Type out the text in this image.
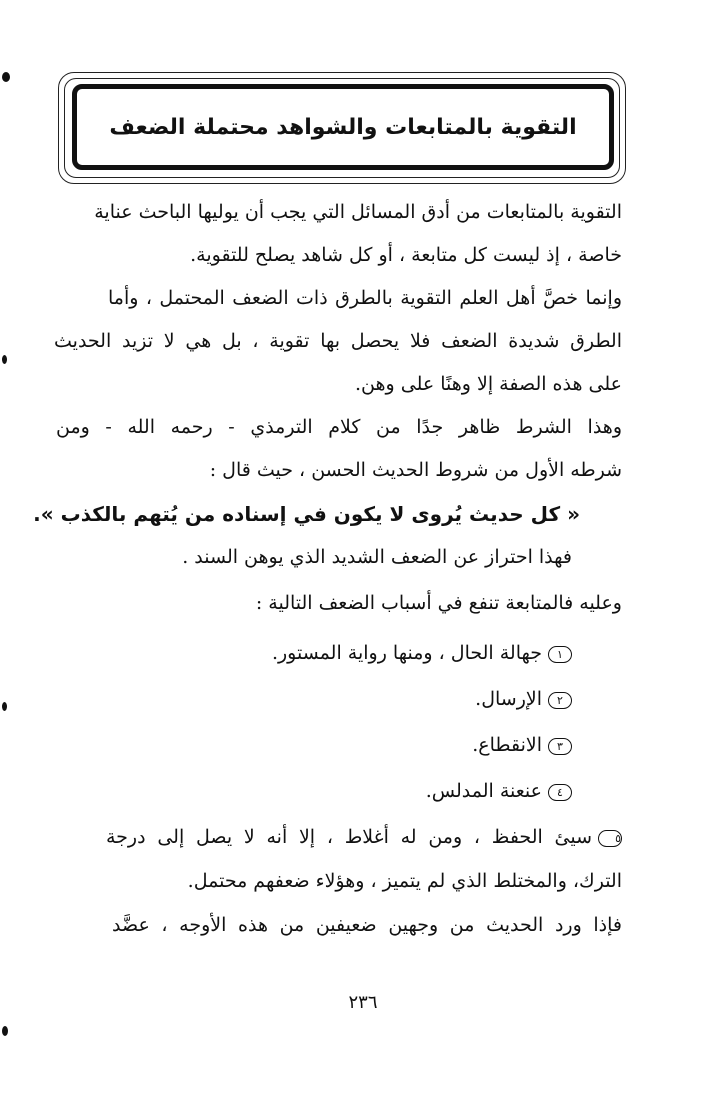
التقوية بالمتابعات والشواهد محتملة الضعف
التقوية بالمتابعات من أدق المسائل التي يجب أن يوليها الباحث عناية
خاصة ، إذ ليست كل متابعة ، أو كل شاهد يصلح للتقوية.
وإنما خصَّ أهل العلم التقوية بالطرق ذات الضعف المحتمل ، وأما
الطرق شديدة الضعف فلا يحصل بها تقوية ، بل هي لا تزيد الحديث
على هذه الصفة إلا وهنًا على وهن.
وهذا الشرط ظاهر جدًا من كلام الترمذي - رحمه الله - ومن
شرطه الأول من شروط الحديث الحسن ، حيث قال :
« كل حديث يُروى لا يكون في إسناده من يُتهم بالكذب ».
فهذا احتراز عن الضعف الشديد الذي يوهن السند .
وعليه فالمتابعة تنفع في أسباب الضعف التالية :
١جهالة الحال ، ومنها رواية المستور.
٢الإرسال.
٣الانقطاع.
٤عنعنة المدلس.
٥سيئ الحفظ ، ومن له أغلاط ، إلا أنه لا يصل إلى درجة
الترك، والمختلط الذي لم يتميز ، وهؤلاء ضعفهم محتمل.
فإذا ورد الحديث من وجهين ضعيفين من هذه الأوجه ، عضَّد
٢٣٦
